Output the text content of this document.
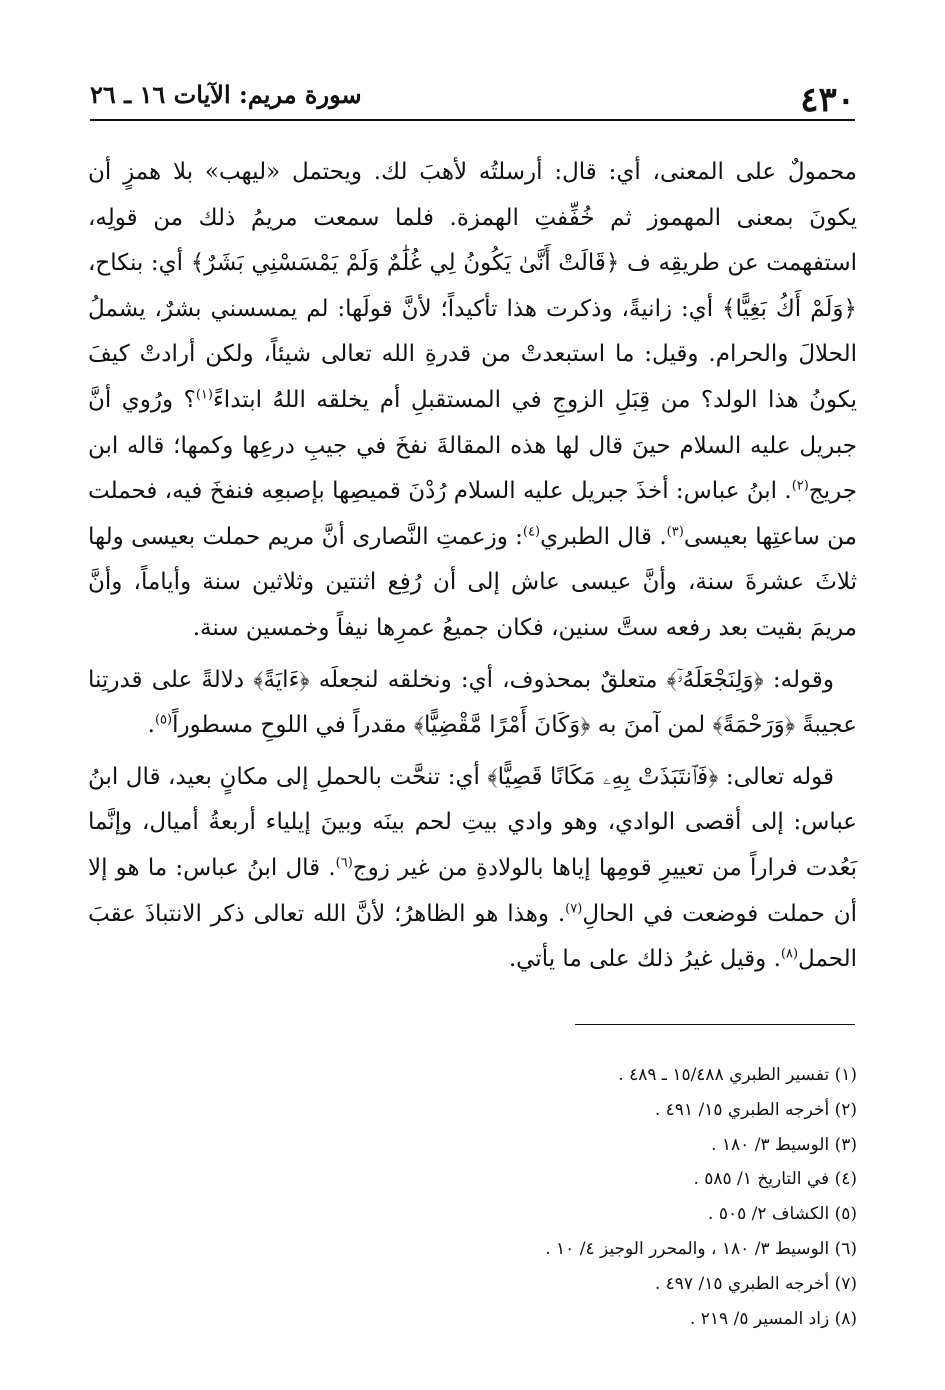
٤٣٠
سورة مريم: الآيات ١٦ ـ ٢٦

محمولٌ على المعنى، أي: قال: أرسلتُه لأهبَ لك. ويحتمل «ليهب» بلا همزٍ أن يكونَ بمعنى المهموز ثم خُفِّفتِ الهمزة. فلما سمعت مريمُ ذلك من قولِه، استفهمت عن طريقِه ف ﴿قَالَتْ أَنَّىٰ يَكُونُ لِي غُلَٰمٌ وَلَمْ يَمْسَسْنِي بَشَرٌ﴾ أي: بنكاح، ﴿وَلَمْ أَكُ بَغِيًّا﴾ أي: زانيةً، وذكرت هذا تأكيداً؛ لأنَّ قولَها: لم يمسسني بشرٌ، يشملُ الحلالَ والحرام. وقيل: ما استبعدتْ من قدرةِ الله تعالى شيئاً، ولكن أرادتْ كيفَ يكونُ هذا الولد؟ من قِبَلِ الزوجِ في المستقبلِ أم يخلقه اللهُ ابتداءً$^{(١)}$؟ ورُوي أنَّ جبريل عليه السلام حينَ قال لها هذه المقالةَ نفخَ في جيبِ درعِها وكمها؛ قاله ابن جريج$^{(٢)}$. ابنُ عباس: أخذَ جبريل عليه السلام رُدْنَ قميصِها بإصبعِه فنفخَ فيه، فحملت من ساعتِها بعيسى$^{(٣)}$. قال الطبري$^{(٤)}$: وزعمتِ النَّصارى أنَّ مريم حملت بعيسى ولها ثلاثَ عشرةَ سنة، وأنَّ عيسى عاش إلى أن رُفِع اثنتين وثلاثين سنة وأياماً، وأنَّ مريمَ بقيت بعد رفعه ستَّ سنين، فكان جميعُ عمرِها نيفاً وخمسين سنة.

 وقوله: ﴿وَلِنَجْعَلَهُۥٓ﴾ متعلقٌ بمحذوف، أي: ونخلقه لنجعلَه ﴿ءَايَةً﴾ دلالةً على قدرتِنا عجيبةً ﴿وَرَحْمَةً﴾ لمن آمنَ به ﴿وَكَانَ أَمْرًا مَّقْضِيًّا﴾ مقدراً في اللوحِ مسطوراً$^{(٥)}$.

 قوله تعالى: ﴿فَٱنتَبَذَتْ بِهِۦ مَكَانًا قَصِيًّا﴾ أي: تنحَّت بالحملِ إلى مكانٍ بعيد، قال ابنُ عباس: إلى أقصى الوادي، وهو وادي بيتِ لحم بينَه وبينَ إيلياء أربعةُ أميال، وإنَّما بَعُدت فراراً من تعييرِ قومِها إياها بالولادةِ من غير زوج$^{(٦)}$. قال ابنُ عباس: ما هو إلا أن حملت فوضعت في الحالِ$^{(٧)}$. وهذا هو الظاهرُ؛ لأنَّ الله تعالى ذكر الانتباذَ عقبَ الحمل$^{(٨)}$. وقيل غيرُ ذلك على ما يأتي.

(١) تفسير الطبري ١٥/٤٨٨ ـ ٤٨٩ .
(٢) أخرجه الطبري ١٥/ ٤٩١ .
(٣) الوسيط ٣/ ١٨٠ .
(٤) في التاريخ ١/ ٥٨٥ .
(٥) الكشاف ٢/ ٥٠٥ .
(٦) الوسيط ٣/ ١٨٠ ، والمحرر الوجيز ٤/ ١٠ .
(٧) أخرجه الطبري ١٥/ ٤٩٧ .
(٨) زاد المسير ٥/ ٢١٩ .
